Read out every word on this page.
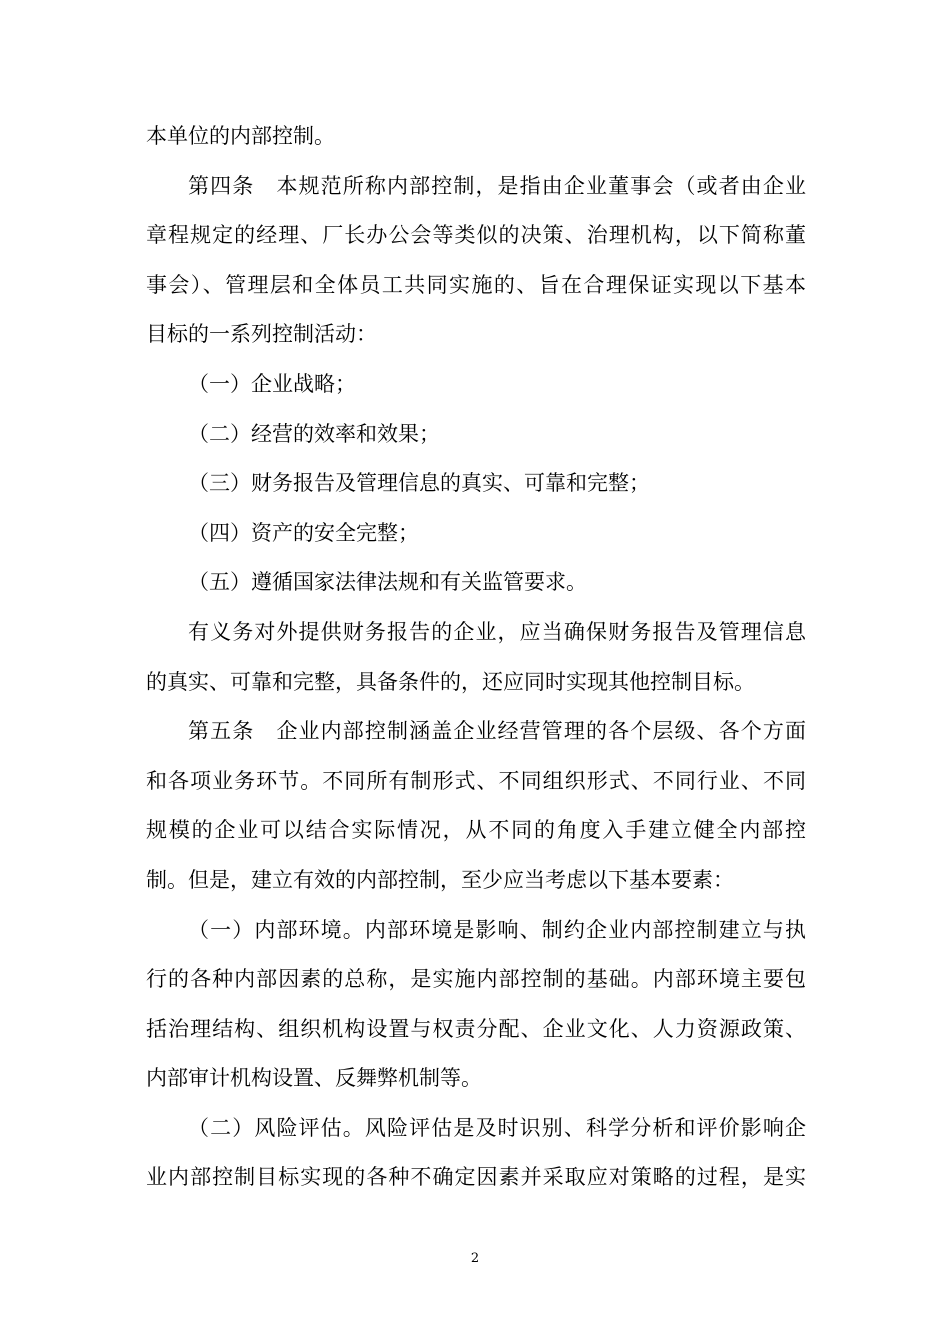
本单位的内部控制。
第四条　本规范所称内部控制，是指由企业董事会（或者由企业
章程规定的经理、厂长办公会等类似的决策、治理机构，以下简称董
事会）、管理层和全体员工共同实施的、旨在合理保证实现以下基本
目标的一系列控制活动：
（一）企业战略；
（二）经营的效率和效果；
（三）财务报告及管理信息的真实、可靠和完整；
（四）资产的安全完整；
（五）遵循国家法律法规和有关监管要求。
有义务对外提供财务报告的企业，应当确保财务报告及管理信息
的真实、可靠和完整，具备条件的，还应同时实现其他控制目标。
第五条　企业内部控制涵盖企业经营管理的各个层级、各个方面
和各项业务环节。不同所有制形式、不同组织形式、不同行业、不同
规模的企业可以结合实际情况，从不同的角度入手建立健全内部控
制。但是，建立有效的内部控制，至少应当考虑以下基本要素：
（一）内部环境。内部环境是影响、制约企业内部控制建立与执
行的各种内部因素的总称，是实施内部控制的基础。内部环境主要包
括治理结构、组织机构设置与权责分配、企业文化、人力资源政策、
内部审计机构设置、反舞弊机制等。
（二）风险评估。风险评估是及时识别、科学分析和评价影响企
业内部控制目标实现的各种不确定因素并采取应对策略的过程，是实
2
